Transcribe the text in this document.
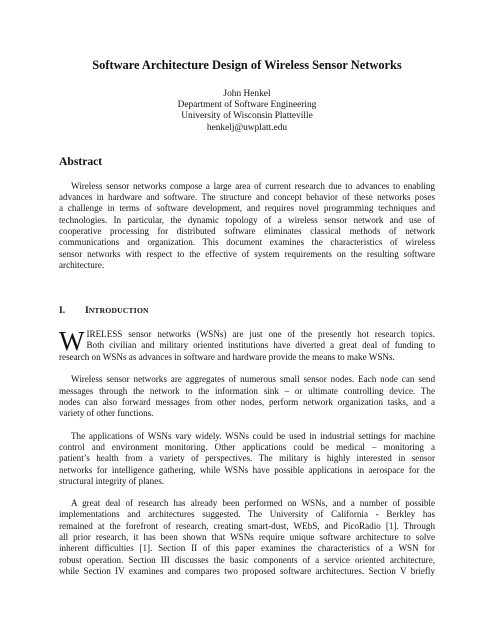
Software Architecture Design of Wireless Sensor Networks
John Henkel
Department of Software Engineering
University of Wisconsin Platteville
henkelj@uwplatt.edu
Abstract
Wireless sensor networks compose a large area of current research due to advances to enabling
advances in hardware and software. The structure and concept behavior of these networks poses
a challenge in terms of software development, and requires novel programming techniques and
technologies. In particular, the dynamic topology of a wireless sensor network and use of
cooperative processing for distributed software eliminates classical methods of network
communications and organization. This document examines the characteristics of wireless
sensor networks with respect to the effective of system requirements on the resulting software
architecture.
I.	I NTRODUCTION
W IRELESS sensor networks (WSNs) are just one of the presently hot research topics.
Both civilian and military oriented institutions have diverted a great deal of funding to
research on WSNs as advances in software and hardware provide the means to make WSNs.
Wireless sensor networks are aggregates of numerous small sensor nodes. Each node can send
messages through the network to the information sink – or ultimate controlling device. The
nodes can also forward messages from other nodes, perform network organization tasks, and a
variety of other functions.
The applications of WSNs vary widely. WSNs could be used in industrial settings for machine
control and environment monitoring. Other applications could be medical – monitoring a
patient’s health from a variety of perspectives. The military is highly interested in sensor
networks for intelligence gathering, while WSNs have possible applications in aerospace for the
structural integrity of planes.
A great deal of research has already been performed on WSNs, and a number of possible
implementations and architectures suggested. The University of California - Berkley has
remained at the forefront of research, creating smart-dust, WEbS, and PicoRadio [1]. Through
all prior research, it has been shown that WSNs require unique software architecture to solve
inherent difficulties [1]. Section II of this paper examines the characteristics of a WSN for
robust operation. Section III discusses the basic components of a service oriented architecture,
while Section IV examines and compares two proposed software architectures. Section V briefly
